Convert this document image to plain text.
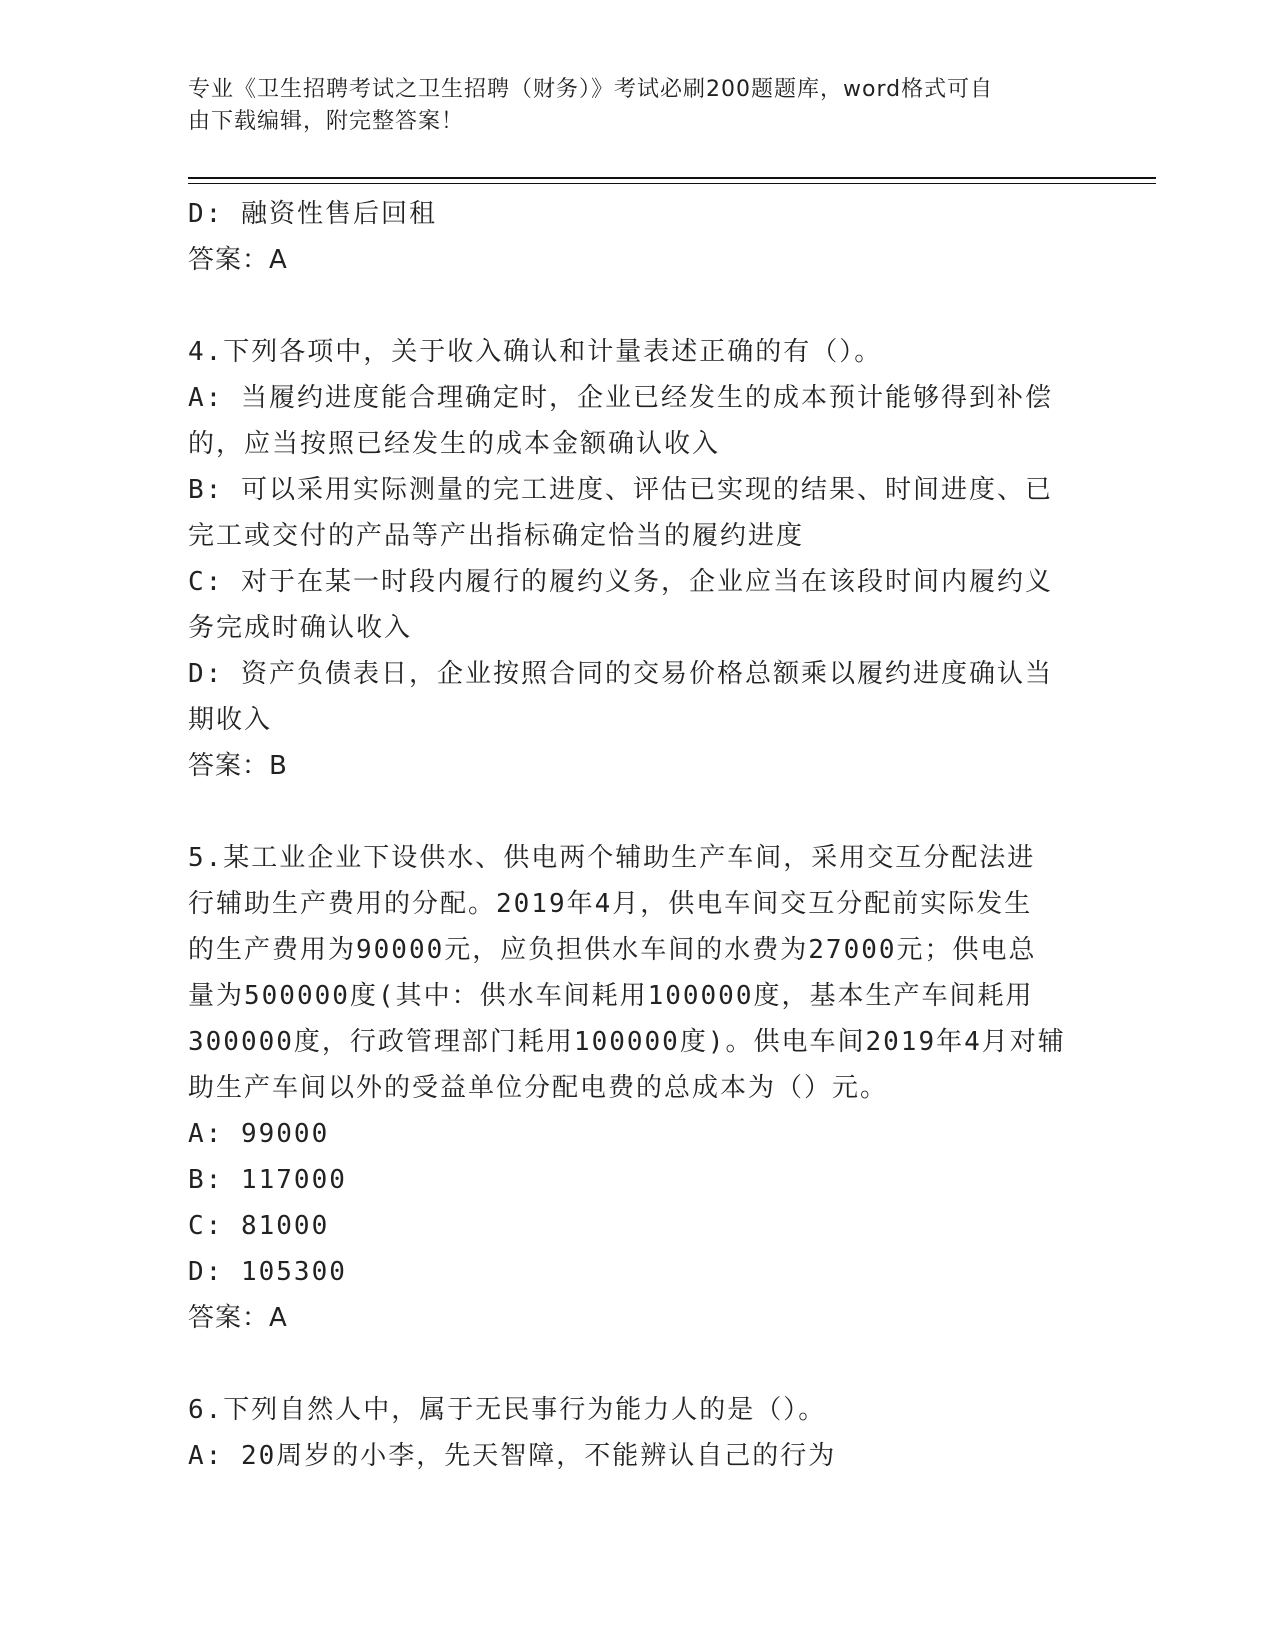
专业《卫生招聘考试之卫生招聘（财务）》考试必刷200题题库，word格式可自
由下载编辑，附完整答案！
D: 融资性售后回租
答案：A
4.下列各项中，关于收入确认和计量表述正确的有（）。
A: 当履约进度能合理确定时，企业已经发生的成本预计能够得到补偿
的，应当按照已经发生的成本金额确认收入
B: 可以采用实际测量的完工进度、评估已实现的结果、时间进度、已
完工或交付的产品等产出指标确定恰当的履约进度
C: 对于在某一时段内履行的履约义务，企业应当在该段时间内履约义
务完成时确认收入
D: 资产负债表日，企业按照合同的交易价格总额乘以履约进度确认当
期收入
答案：B
5.某工业企业下设供水、供电两个辅助生产车间，采用交互分配法进
行辅助生产费用的分配。2019年4月，供电车间交互分配前实际发生
的生产费用为90000元，应负担供水车间的水费为27000元；供电总
量为500000度(其中：供水车间耗用100000度，基本生产车间耗用
300000度，行政管理部门耗用100000度)。供电车间2019年4月对辅
助生产车间以外的受益单位分配电费的总成本为（）元。
A: 99000
B: 117000
C: 81000
D: 105300
答案：A
6.下列自然人中，属于无民事行为能力人的是（）。
A: 20周岁的小李，先天智障，不能辨认自己的行为
